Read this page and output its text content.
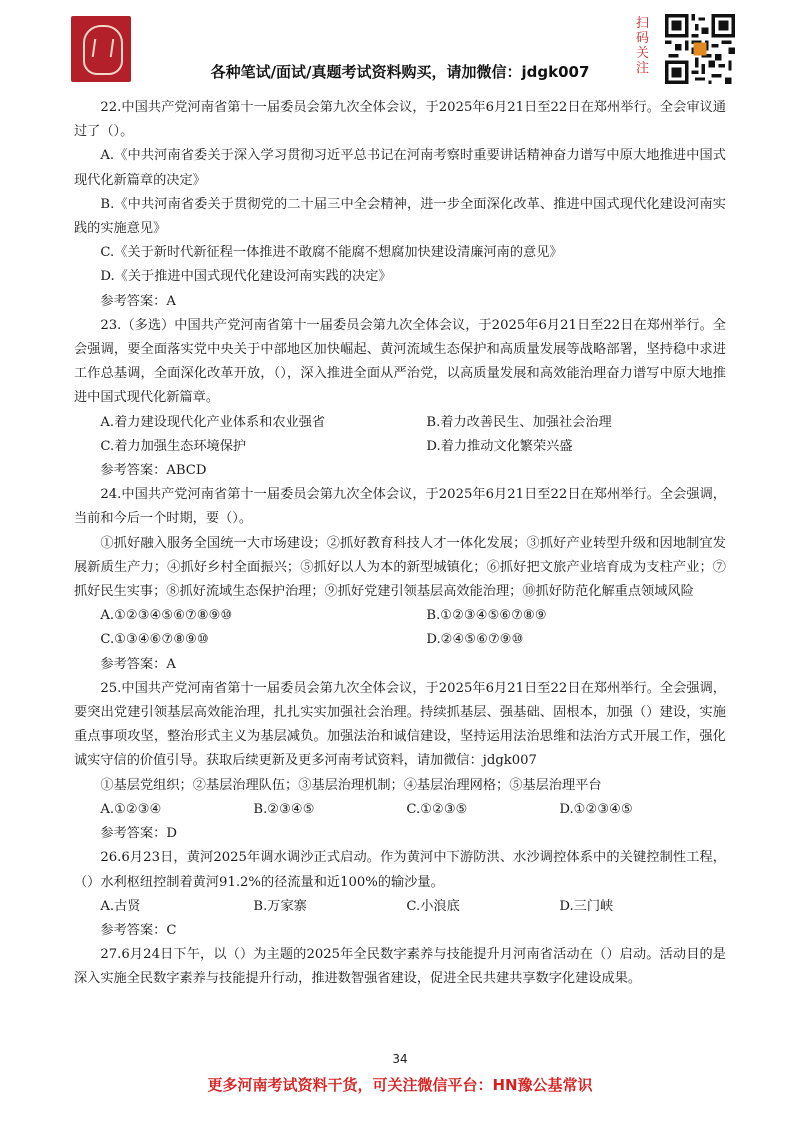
各种笔试/面试/真题考试资料购买，请加微信：jdgk007
扫码关注

22.中国共产党河南省第十一届委员会第九次全体会议，于2025年6月21日至22日在郑州举行。全会审议通过了（）。

A.《中共河南省委关于深入学习贯彻习近平总书记在河南考察时重要讲话精神奋力谱写中原大地推进中国式现代化新篇章的决定》

B.《中共河南省委关于贯彻党的二十届三中全会精神，进一步全面深化改革、推进中国式现代化建设河南实践的实施意见》

C.《关于新时代新征程一体推进不敢腐不能腐不想腐加快建设清廉河南的意见》

D.《关于推进中国式现代化建设河南实践的决定》

参考答案：A

23.（多选）中国共产党河南省第十一届委员会第九次全体会议，于2025年6月21日至22日在郑州举行。全会强调，要全面落实党中央关于中部地区加快崛起、黄河流域生态保护和高质量发展等战略部署，坚持稳中求进工作总基调，全面深化改革开放，（），深入推进全面从严治党，以高质量发展和高效能治理奋力谱写中原大地推进中国式现代化新篇章。

A.着力建设现代化产业体系和农业强省	B.着力改善民生、加强社会治理
C.着力加强生态环境保护	D.着力推动文化繁荣兴盛

参考答案：ABCD

24.中国共产党河南省第十一届委员会第九次全体会议，于2025年6月21日至22日在郑州举行。全会强调，当前和今后一个时期，要（）。

①抓好融入服务全国统一大市场建设；②抓好教育科技人才一体化发展；③抓好产业转型升级和因地制宜发展新质生产力；④抓好乡村全面振兴；⑤抓好以人为本的新型城镇化；⑥抓好把文旅产业培育成为支柱产业；⑦抓好民生实事；⑧抓好流域生态保护治理；⑨抓好党建引领基层高效能治理；⑩抓好防范化解重点领域风险

A.①②③④⑤⑥⑦⑧⑨⑩	B.①②③④⑤⑥⑦⑧⑨
C.①③④⑥⑦⑧⑨⑩	D.②④⑤⑥⑦⑨⑩

参考答案：A

25.中国共产党河南省第十一届委员会第九次全体会议，于2025年6月21日至22日在郑州举行。全会强调，要突出党建引领基层高效能治理，扎扎实实加强社会治理。持续抓基层、强基础、固根本，加强（）建设，实施重点事项攻坚，整治形式主义为基层减负。加强法治和诚信建设，坚持运用法治思维和法治方式开展工作，强化诚实守信的价值引导。获取后续更新及更多河南考试资料，请加微信：jdgk007

①基层党组织；②基层治理队伍；③基层治理机制；④基层治理网格；⑤基层治理平台

A.①②③④	B.②③④⑤	C.①②③⑤	D.①②③④⑤

参考答案：D

26.6月23日，黄河2025年调水调沙正式启动。作为黄河中下游防洪、水沙调控体系中的关键控制性工程，（）水利枢纽控制着黄河91.2%的径流量和近100%的输沙量。

A.古贤	B.万家寨	C.小浪底	D.三门峡

参考答案：C

27.6月24日下午，以（）为主题的2025年全民数字素养与技能提升月河南省活动在（）启动。活动目的是深入实施全民数字素养与技能提升行动，推进数智强省建设，促进全民共建共享数字化建设成果。

34
更多河南考试资料干货，可关注微信平台：HN豫公基常识
